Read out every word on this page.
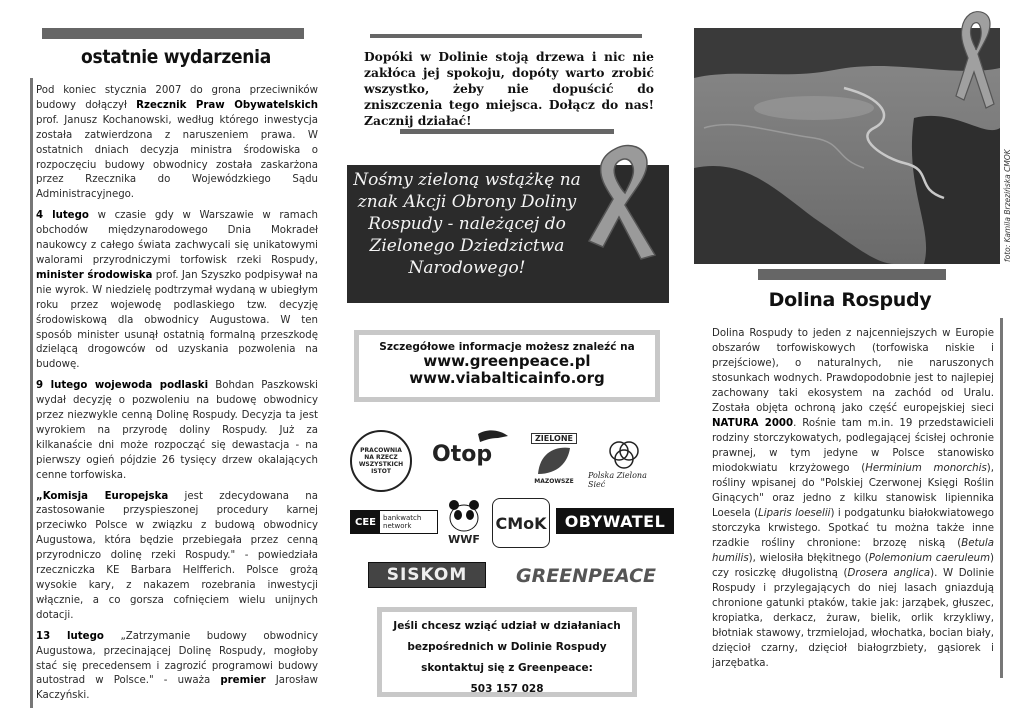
ostatnie wydarzenia

Pod koniec stycznia 2007 do grona przeciwników budowy dołączył Rzecznik Praw Obywatelskich prof. Janusz Kochanowski, według którego inwestycja została zatwierdzona z naruszeniem prawa. W ostatnich dniach decyzja ministra środowiska o rozpoczęciu budowy obwodnicy została zaskarżona przez Rzecznika do Wojewódzkiego Sądu Administracyjnego.

4 lutego w czasie gdy w Warszawie w ramach obchodów międzynarodowego Dnia Mokradeł naukowcy z całego świata zachwycali się unikatowymi walorami przyrodniczymi torfowisk rzeki Rospudy, minister środowiska prof. Jan Szyszko podpisywał na nie wyrok. W niedzielę podtrzymał wydaną w ubiegłym roku przez wojewodę podlaskiego tzw. decyzję środowiskową dla obwodnicy Augustowa. W ten sposób minister usunął ostatnią formalną przeszkodę dzielącą drogowców od uzyskania pozwolenia na budowę.

9 lutego wojewoda podlaski Bohdan Paszkowski wydał decyzję o pozwoleniu na budowę obwodnicy przez niezwykle cenną Dolinę Rospudy. Decyzja ta jest wyrokiem na przyrodę doliny Rospudy. Już za kilkanaście dni może rozpocząć się dewastacja - na pierwszy ogień pójdzie 26 tysięcy drzew okalających cenne torfowiska.

„Komisja Europejska jest zdecydowana na zastosowanie przyspieszonej procedury karnej przeciwko Polsce w związku z budową obwodnicy Augustowa, która będzie przebiegała przez cenną przyrodniczo dolinę rzeki Rospudy." - powiedziała rzeczniczka KE Barbara Helfferich. Polsce grożą wysokie kary, z nakazem rozebrania inwestycji włącznie, a co gorsza cofnięciem wielu unijnych dotacji.

13 lutego „Zatrzymanie budowy obwodnicy Augustowa, przecinającej Dolinę Rospudy, mogłoby stać się precedensem i zagrozić programowi budowy autostrad w Polsce." - uważa premier Jarosław Kaczyński.

Dopóki w Dolinie stoją drzewa i nic nie zakłóca jej spokoju, dopóty warto zrobić wszystko, żeby nie dopuścić do zniszczenia tego miejsca. Dołącz do nas! Zacznij działać!

Nośmy zieloną wstążkę na znak Akcji Obrony Doliny Rospudy - należącej do Zielonego Dziedzictwa Narodowego!

Szczegółowe informacje możesz znaleźć na
www.greenpeace.pl
www.viabalticainfo.org
PRACOWNIA NA RZECZ WSZYSTKICH ISTOT
Otop
ZIELONE
MAZOWSZE
Polska Zielona Sieć
CEE	bankwatch network
WWF
CMoK OBYWATEL
SISKOM	GREENPEACE
Jeśli chcesz wziąć udział w działaniach
bezpośrednich w Dolinie Rospudy
skontaktuj się z Greenpeace:
503 157 028
foto: Kamila Brzezińska CMOK
Dolina Rospudy

Dolina Rospudy to jeden z najcenniejszych w Europie obszarów torfowiskowych (torfowiska niskie i przejściowe), o naturalnych, nie naruszonych stosunkach wodnych. Prawdopodobnie jest to najlepiej zachowany taki ekosystem na zachód od Uralu. Została objęta ochroną jako część europejskiej sieci NATURA 2000. Rośnie tam m.in. 19 przedstawicieli rodziny storczykowatych, podlegającej ścisłej ochronie prawnej, w tym jedyne w Polsce stanowisko miodokwiatu krzyżowego (Herminium monorchis), rośliny wpisanej do "Polskiej Czerwonej Księgi Roślin Ginących" oraz jedno z kilku stanowisk lipiennika Loesela (Liparis loeselii) i podgatunku białokwiatowego storczyka krwistego. Spotkać tu można także inne rzadkie rośliny chronione: brzozę niską (Betula humilis), wielosiła błękitnego (Polemonium caeruleum) czy rosiczkę długolistną (Drosera anglica). W Dolinie Rospudy i przylegających do niej lasach gniazdują chronione gatunki ptaków, takie jak: jarząbek, głuszec, kropiatka, derkacz, żuraw, bielik, orlik krzykliwy, błotniak stawowy, trzmielojad, włochatka, bocian biały, dzięcioł czarny, dzięcioł białogrzbiety, gąsiorek i jarzębatka.
